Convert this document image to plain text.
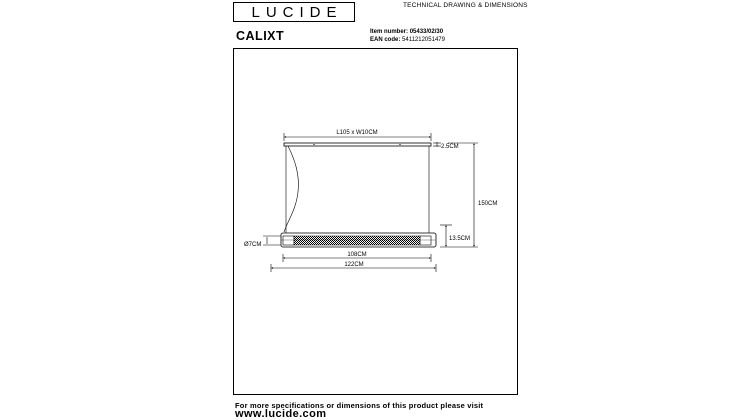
LUCIDE	TECHNICAL DRAWING & DIMENSIONS
CALIXT	Item number: 05433/02/30
EAN code: 5411212051479
L105 x W10CM
2.5CM
150CM
13.5CM
Ø7CM
108CM
122CM
For more specifications or dimensions of this product please visit
www.lucide.com
